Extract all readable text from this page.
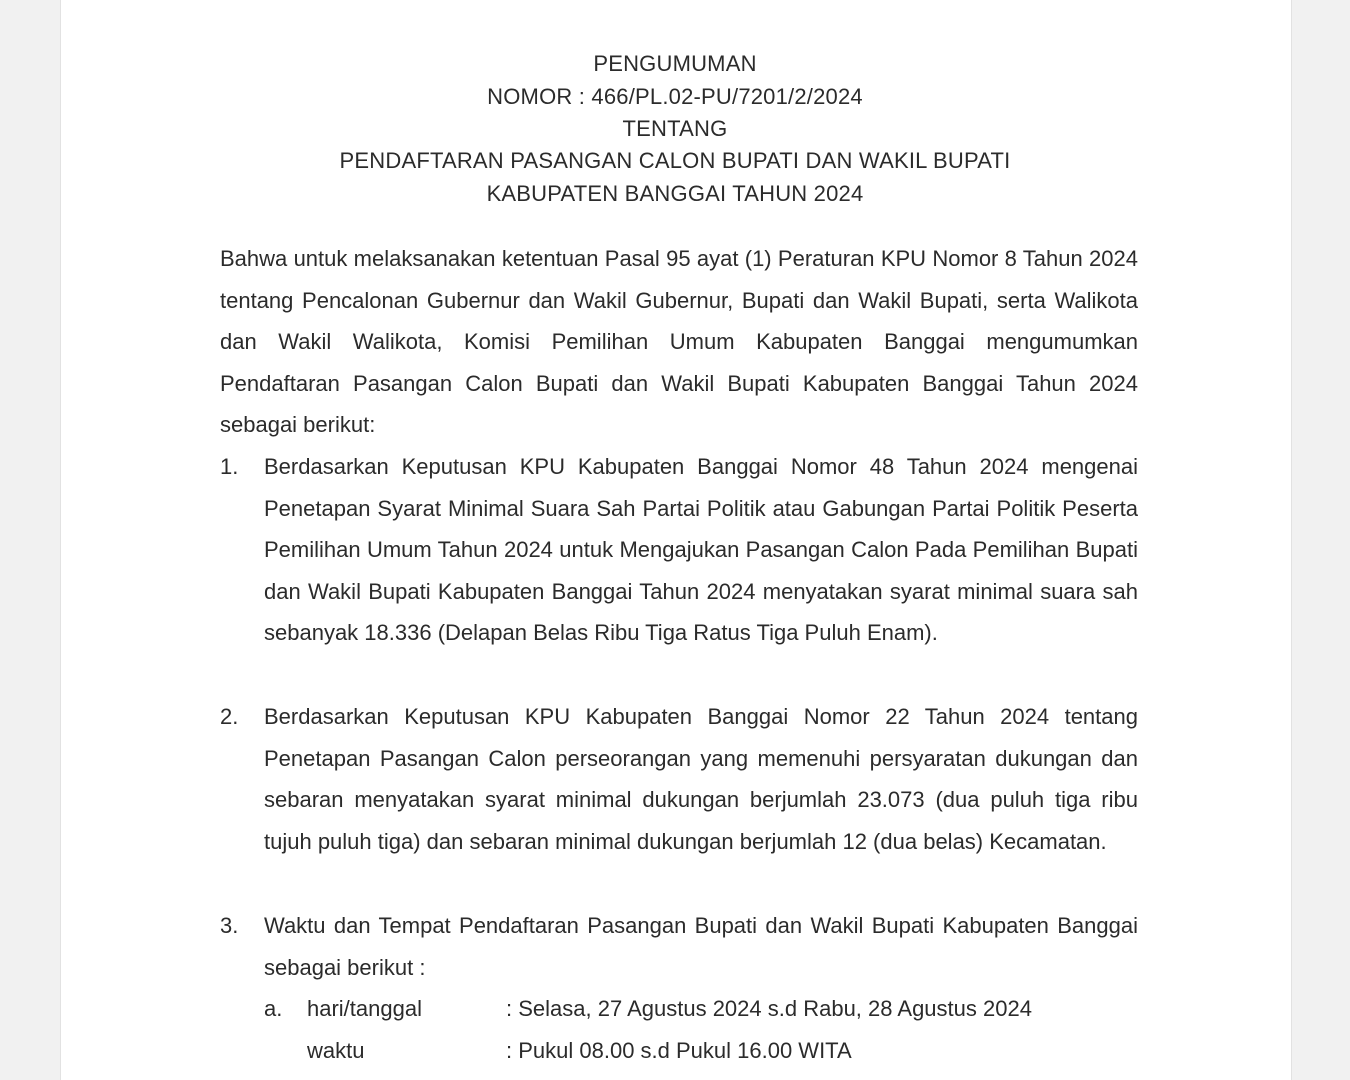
PENGUMUMAN
NOMOR : 466/PL.02-PU/7201/2/2024
TENTANG
PENDAFTARAN PASANGAN CALON BUPATI DAN WAKIL BUPATI
KABUPATEN BANGGAI TAHUN 2024

Bahwa untuk melaksanakan ketentuan Pasal 95 ayat (1) Peraturan KPU Nomor 8 Tahun 2024 tentang Pencalonan Gubernur dan Wakil Gubernur, Bupati dan Wakil Bupati, serta Walikota dan Wakil Walikota, Komisi Pemilihan Umum Kabupaten Banggai mengumumkan Pendaftaran Pasangan Calon Bupati dan Wakil Bupati Kabupaten Banggai Tahun 2024 sebagai berikut:

1. Berdasarkan Keputusan KPU Kabupaten Banggai Nomor 48 Tahun 2024 mengenai Penetapan Syarat Minimal Suara Sah Partai Politik atau Gabungan Partai Politik Peserta Pemilihan Umum Tahun 2024 untuk Mengajukan Pasangan Calon Pada Pemilihan Bupati dan Wakil Bupati Kabupaten Banggai Tahun 2024 menyatakan syarat minimal suara sah sebanyak 18.336 (Delapan Belas Ribu Tiga Ratus Tiga Puluh Enam).

2. Berdasarkan Keputusan KPU Kabupaten Banggai Nomor 22 Tahun 2024 tentang Penetapan Pasangan Calon perseorangan yang memenuhi persyaratan dukungan dan sebaran menyatakan syarat minimal dukungan berjumlah 23.073 (dua puluh tiga ribu tujuh puluh tiga) dan sebaran minimal dukungan berjumlah 12 (dua belas) Kecamatan.

3. Waktu dan Tempat Pendaftaran Pasangan Bupati dan Wakil Bupati Kabupaten Banggai sebagai berikut :

a. hari/tanggal	: Selasa, 27 Agustus 2024 s.d Rabu, 28 Agustus 2024
waktu	: Pukul 08.00 s.d Pukul 16.00 WITA
